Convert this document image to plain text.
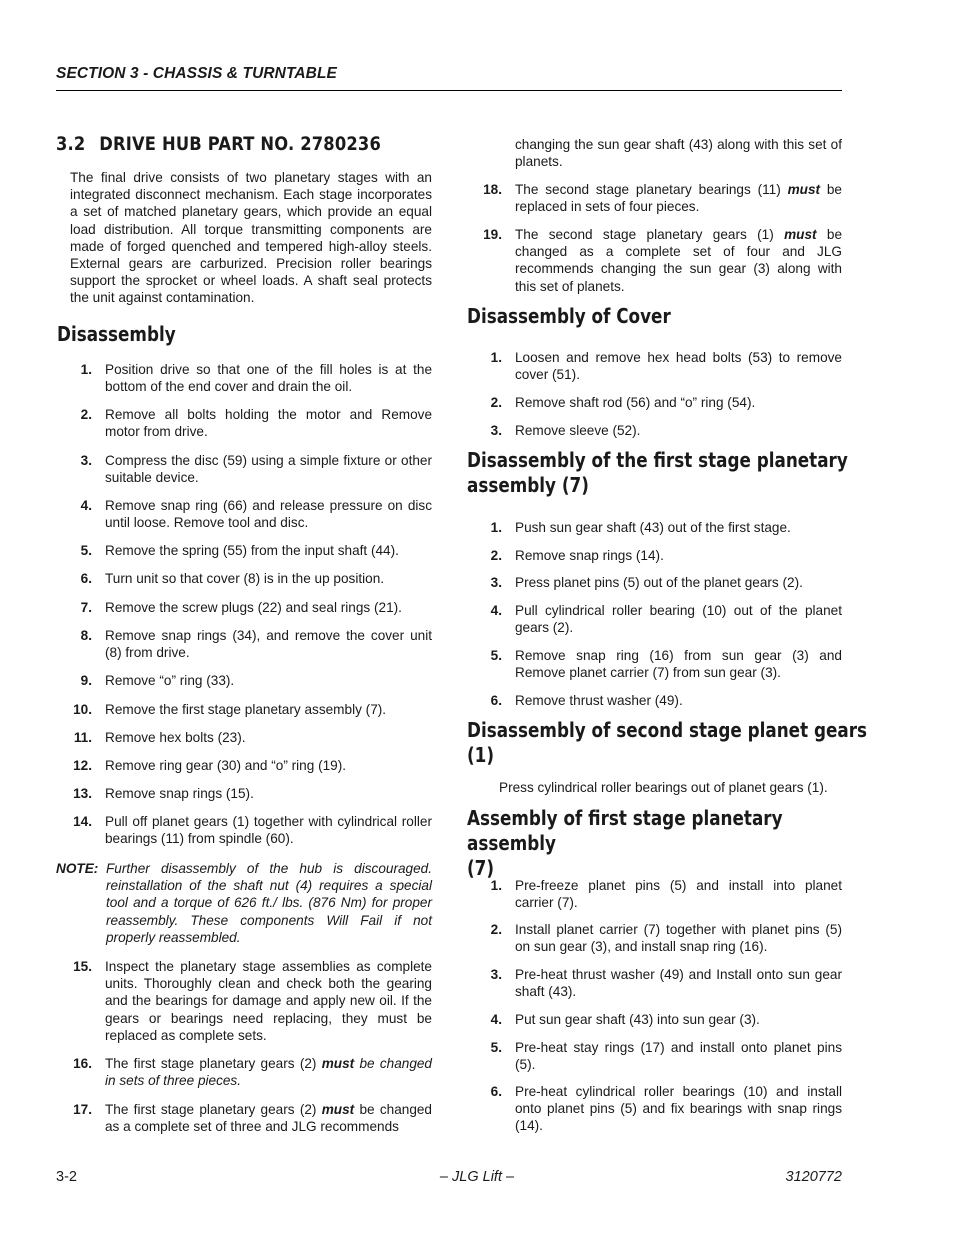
SECTION 3 - CHASSIS & TURNTABLE
3.2 DRIVE HUB PART NO. 2780236

The final drive consists of two planetary stages with an integrated disconnect mechanism. Each stage incorporates a set of matched planetary gears, which provide an equal load distribution. All torque transmitting components are made of forged quenched and tempered high-alloy steels. External gears are carburized. Precision roller bearings support the sprocket or wheel loads. A shaft seal protects the unit against contamination.

Disassembly
1. Position drive so that one of the fill holes is at the bottom of the end cover and drain the oil.
2. Remove all bolts holding the motor and Remove motor from drive.
3. Compress the disc (59) using a simple fixture or other suitable device.
4. Remove snap ring (66) and release pressure on disc until loose. Remove tool and disc.
5. Remove the spring (55) from the input shaft (44).
6. Turn unit so that cover (8) is in the up position.
7. Remove the screw plugs (22) and seal rings (21).
8. Remove snap rings (34), and remove the cover unit (8) from drive.
9. Remove “o” ring (33).
10. Remove the first stage planetary assembly (7).
11. Remove hex bolts (23).
12. Remove ring gear (30) and “o” ring (19).
13. Remove snap rings (15).
14. Pull off planet gears (1) together with cylindrical roller bearings (11) from spindle (60).
NOTE: Further disassembly of the hub is discouraged. reinstallation of the shaft nut (4) requires a special tool and a torque of 626 ft./ lbs. (876 Nm) for proper reassembly. These components Will Fail if not properly reassembled.
15. Inspect the planetary stage assemblies as complete units. Thoroughly clean and check both the gearing and the bearings for damage and apply new oil. If the gears or bearings need replacing, they must be replaced as complete sets.
16. The first stage planetary gears (2) must be changed in sets of three pieces.
17. The first stage planetary gears (2) must be changed as a complete set of three and JLG recommends
changing the sun gear shaft (43) along with this set of planets.
18. The second stage planetary bearings (11) must be replaced in sets of four pieces.
19. The second stage planetary gears (1) must be changed as a complete set of four and JLG recommends changing the sun gear (3) along with this set of planets.
Disassembly of Cover
1. Loosen and remove hex head bolts (53) to remove cover (51).
2. Remove shaft rod (56) and “o” ring (54).
3. Remove sleeve (52).
Disassembly of the first stage planetary
assembly (7)
1. Push sun gear shaft (43) out of the first stage.
2. Remove snap rings (14).
3. Press planet pins (5) out of the planet gears (2).
4. Pull cylindrical roller bearing (10) out of the planet gears (2).
5. Remove snap ring (16) from sun gear (3) and Remove planet carrier (7) from sun gear (3).
6. Remove thrust washer (49).
Disassembly of second stage planet gears
(1)

Press cylindrical roller bearings out of planet gears (1).

Assembly of first stage planetary assembly
(7)
1. Pre-freeze planet pins (5) and install into planet carrier (7).
2. Install planet carrier (7) together with planet pins (5) on sun gear (3), and install snap ring (16).
3. Pre-heat thrust washer (49) and Install onto sun gear shaft (43).
4. Put sun gear shaft (43) into sun gear (3).
5. Pre-heat stay rings (17) and install onto planet pins (5).
6. Pre-heat cylindrical roller bearings (10) and install onto planet pins (5) and fix bearings with snap rings (14).
3-2	– JLG Lift –	3120772
